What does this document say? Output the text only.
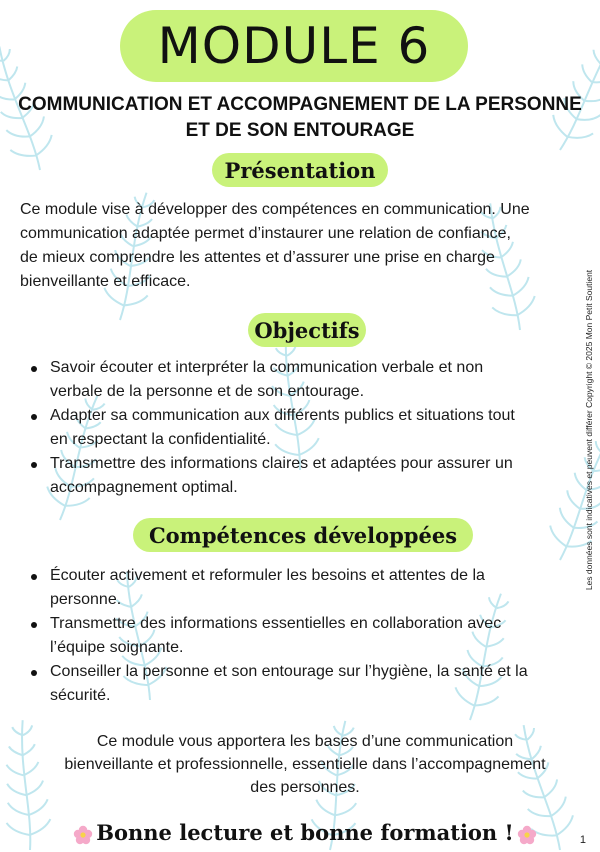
MODULE 6
COMMUNICATION ET ACCOMPAGNEMENT DE LA PERSONNE
ET DE SON ENTOURAGE
Présentation
Ce module vise à développer des compétences en communication. Une
communication adaptée permet d’instaurer une relation de confiance,
de mieux comprendre les attentes et d’assurer une prise en charge
bienveillante et efficace.
Objectifs
Savoir écouter et interpréter la communication verbale et non
verbale de la personne et de son entourage.
Adapter sa communication aux différents publics et situations tout
en respectant la confidentialité.
Transmettre des informations claires et adaptées pour assurer un
accompagnement optimal.
Compétences développées
Écouter activement et reformuler les besoins et attentes de la
personne.
Transmettre des informations essentielles en collaboration avec
l’équipe soignante.
Conseiller la personne et son entourage sur l’hygiène, la santé et la
sécurité.
Ce module vous apportera les bases d’une communication
bienveillante et professionnelle, essentielle dans l’accompagnement
des personnes.
Bonne lecture et bonne formation !	1
Les données sont indicatives et peuvent différer Copyright © 2025 Mon Petit Soutient
